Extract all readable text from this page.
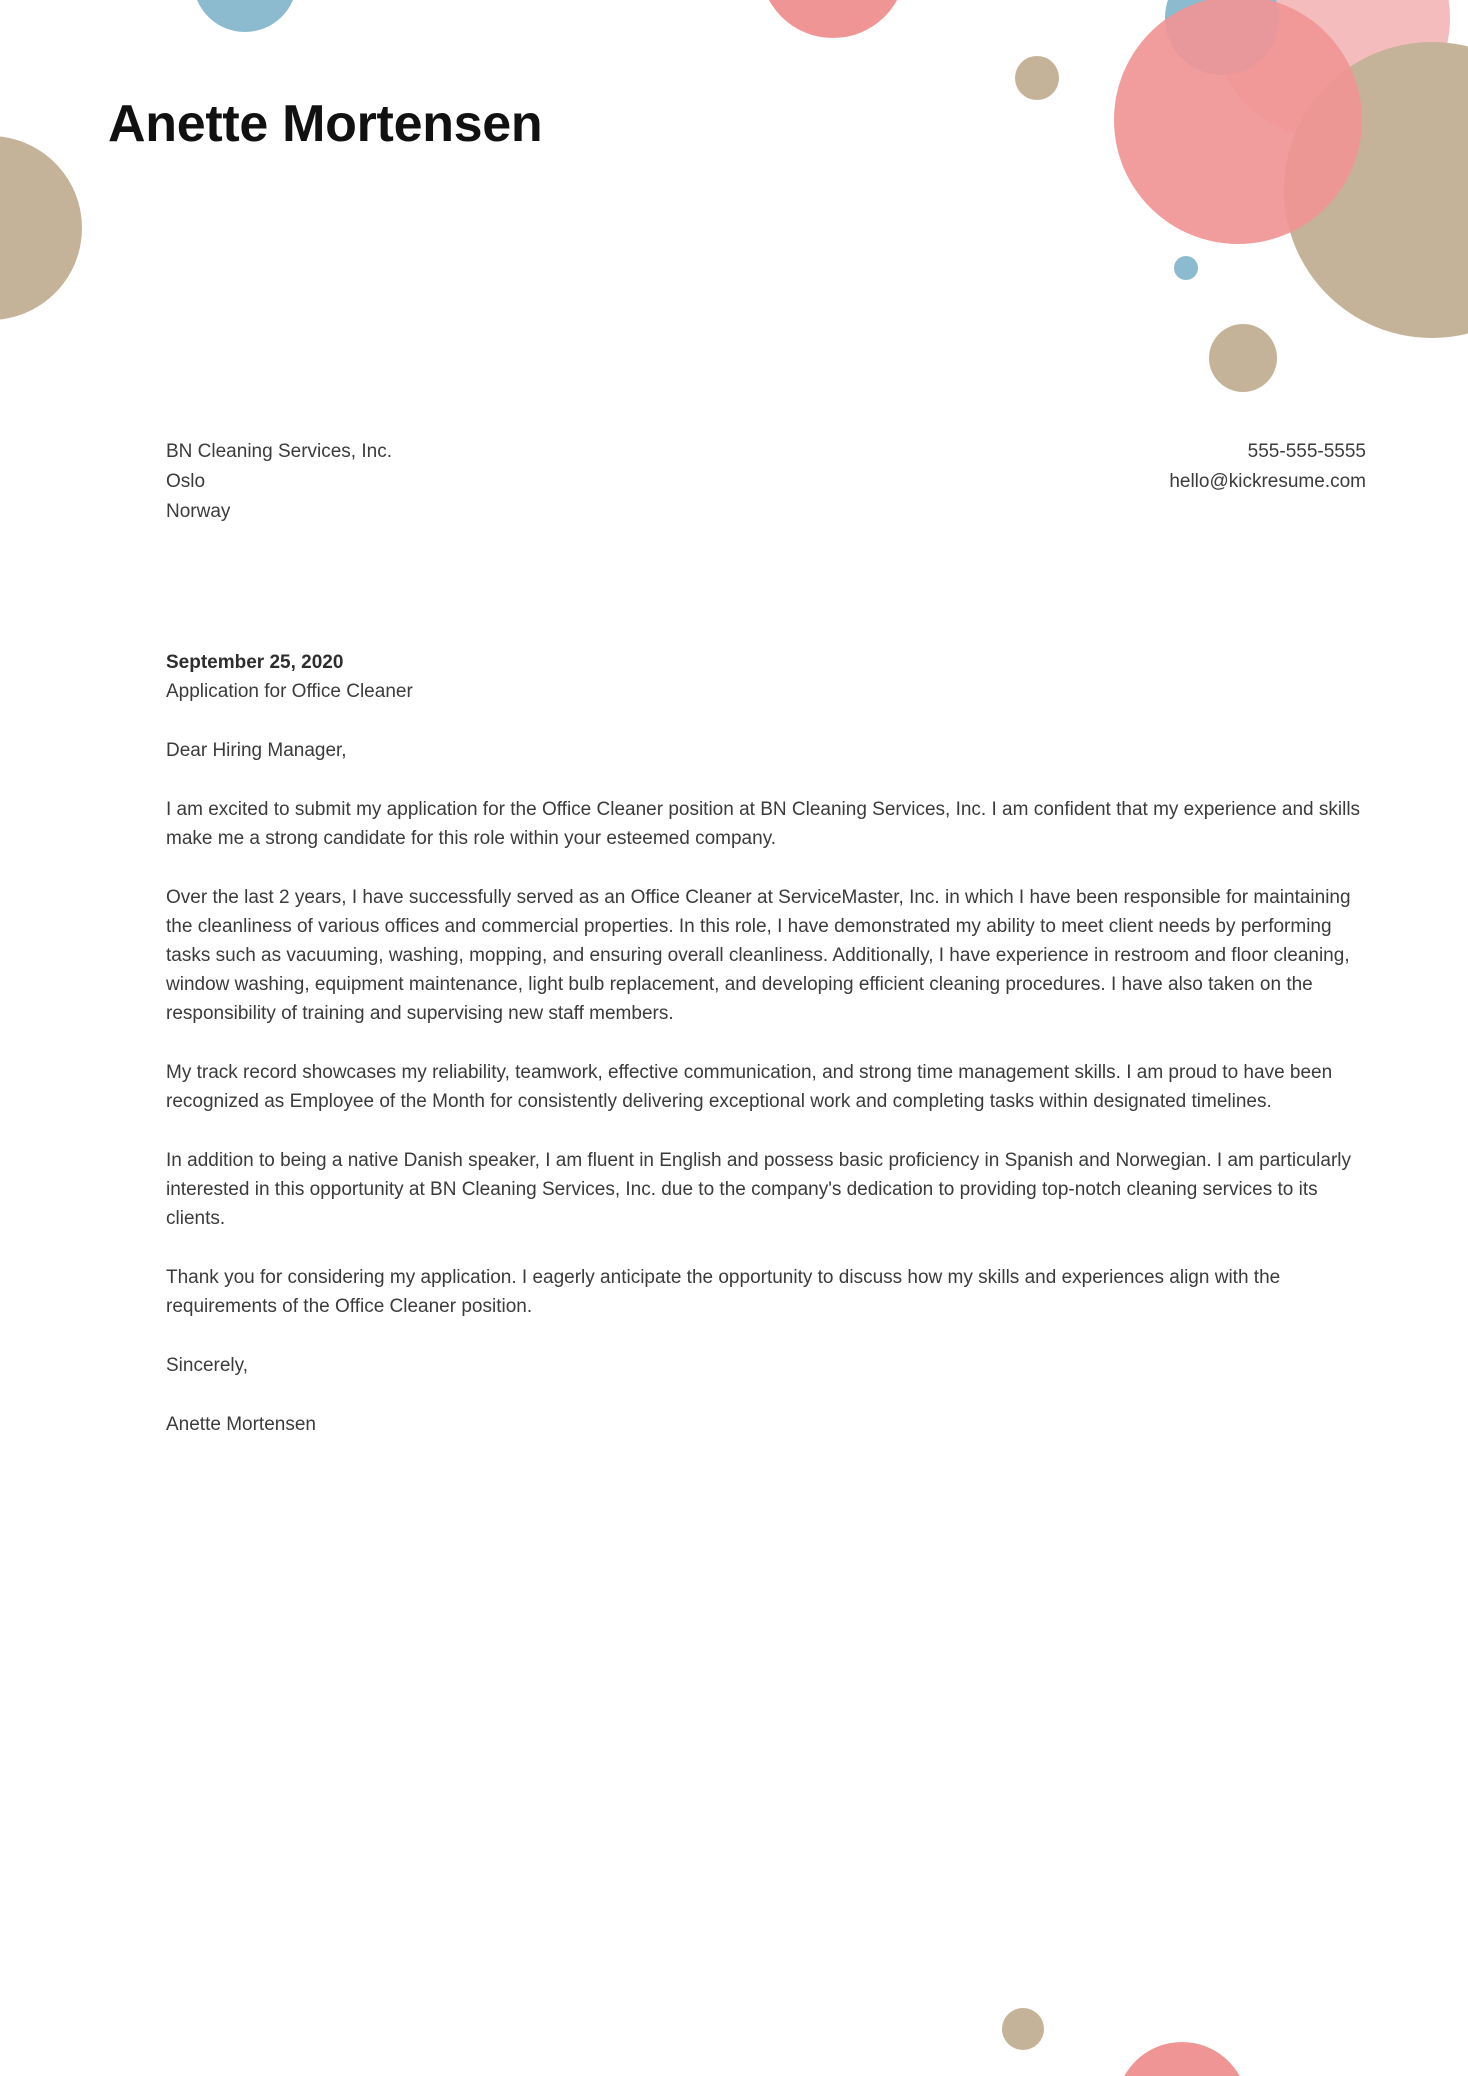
Anette Mortensen
BN Cleaning Services, Inc.
Oslo
Norway
555-555-5555
hello@kickresume.com

September 25, 2020

Application for Office Cleaner

Dear Hiring Manager,

I am excited to submit my application for the Office Cleaner position at BN Cleaning Services, Inc. I am confident that my experience and skills make me a strong candidate for this role within your esteemed company.

Over the last 2 years, I have successfully served as an Office Cleaner at ServiceMaster, Inc. in which I have been responsible for maintaining the cleanliness of various offices and commercial properties. In this role, I have demonstrated my ability to meet client needs by performing tasks such as vacuuming, washing, mopping, and ensuring overall cleanliness. Additionally, I have experience in restroom and floor cleaning, window washing, equipment maintenance, light bulb replacement, and developing efficient cleaning procedures. I have also taken on the responsibility of training and supervising new staff members.

My track record showcases my reliability, teamwork, effective communication, and strong time management skills. I am proud to have been recognized as Employee of the Month for consistently delivering exceptional work and completing tasks within designated timelines.

In addition to being a native Danish speaker, I am fluent in English and possess basic proficiency in Spanish and Norwegian. I am particularly interested in this opportunity at BN Cleaning Services, Inc. due to the company's dedication to providing top-notch cleaning services to its clients.

Thank you for considering my application. I eagerly anticipate the opportunity to discuss how my skills and experiences align with the requirements of the Office Cleaner position.

Sincerely,

Anette Mortensen
